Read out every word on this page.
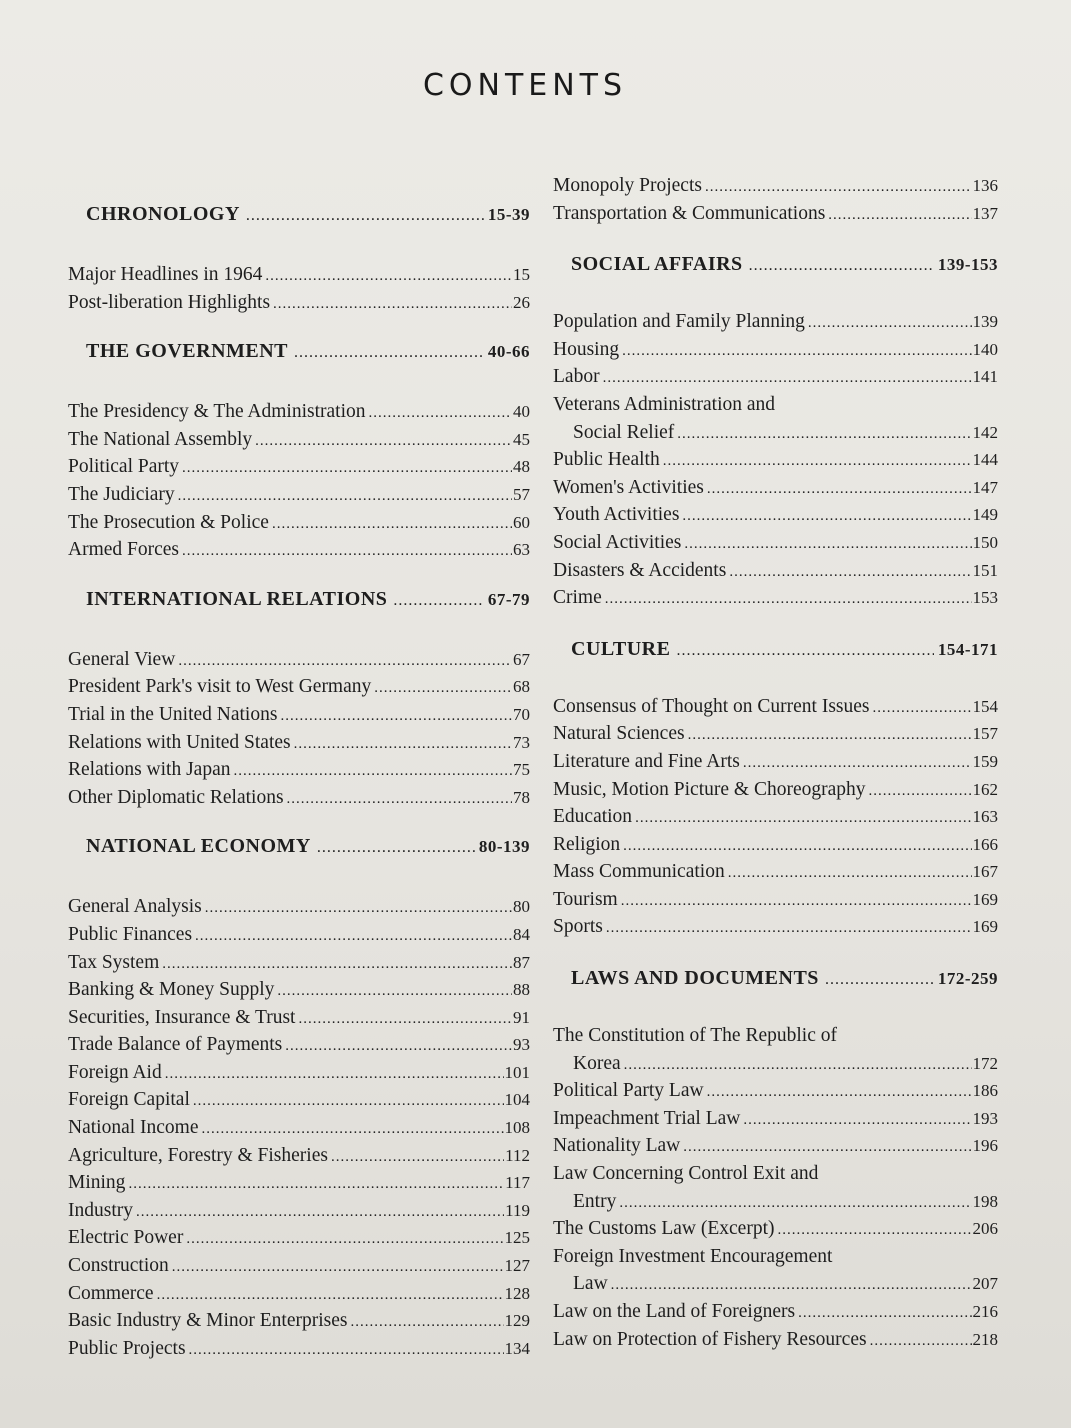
CONTENTS
CHRONOLOGY .....	15-39
Major Headlines in 1964 .....	15
Post-liberation Highlights .....	26
THE GOVERNMENT .....	40-66
The Presidency & The Administration .....	40
The National Assembly .....	45
Political Party .....	48
The Judiciary .....	57
The Prosecution & Police .....	60
Armed Forces .....	63
INTERNATIONAL RELATIONS .....	67-79
General View .....	67
President Park's visit to West Germany .....	68
Trial in the United Nations .....	70
Relations with United States .....	73
Relations with Japan .....	75
Other Diplomatic Relations .....	78
NATIONAL ECONOMY .....	80-139
General Analysis .....	80
Public Finances .....	84
Tax System .....	87
Banking & Money Supply .....	88
Securities, Insurance & Trust .....	91
Trade Balance of Payments .....	93
Foreign Aid .....	101
Foreign Capital .....	104
National Income .....	108
Agriculture, Forestry & Fisheries .....	112
Mining .....	117
Industry .....	119
Electric Power .....	125
Construction .....	127
Commerce .....	128
Basic Industry & Minor Enterprises .....	129
Public Projects .....	134
Monopoly Projects .....	136
Transportation & Communications .....	137
SOCIAL AFFAIRS .....	139-153
Population and Family Planning .....	139
Housing .....	140
Labor .....	141
Veterans Administration and
Social Relief .....	142
Public Health .....	144
Women's Activities .....	147
Youth Activities .....	149
Social Activities .....	150
Disasters & Accidents .....	151
Crime .....	153
CULTURE .....	154-171
Consensus of Thought on Current Issues .....	154
Natural Sciences .....	157
Literature and Fine Arts .....	159
Music, Motion Picture & Choreography .....	162
Education .....	163
Religion .....	166
Mass Communication .....	167
Tourism .....	169
Sports .....	169
LAWS AND DOCUMENTS .....	172-259
The Constitution of The Republic of
Korea .....	172
Political Party Law .....	186
Impeachment Trial Law .....	193
Nationality Law .....	196
Law Concerning Control Exit and
Entry .....	198
The Customs Law (Excerpt) .....	206
Foreign Investment Encouragement
Law .....	207
Law on the Land of Foreigners .....	216
Law on Protection of Fishery Resources .....	218
